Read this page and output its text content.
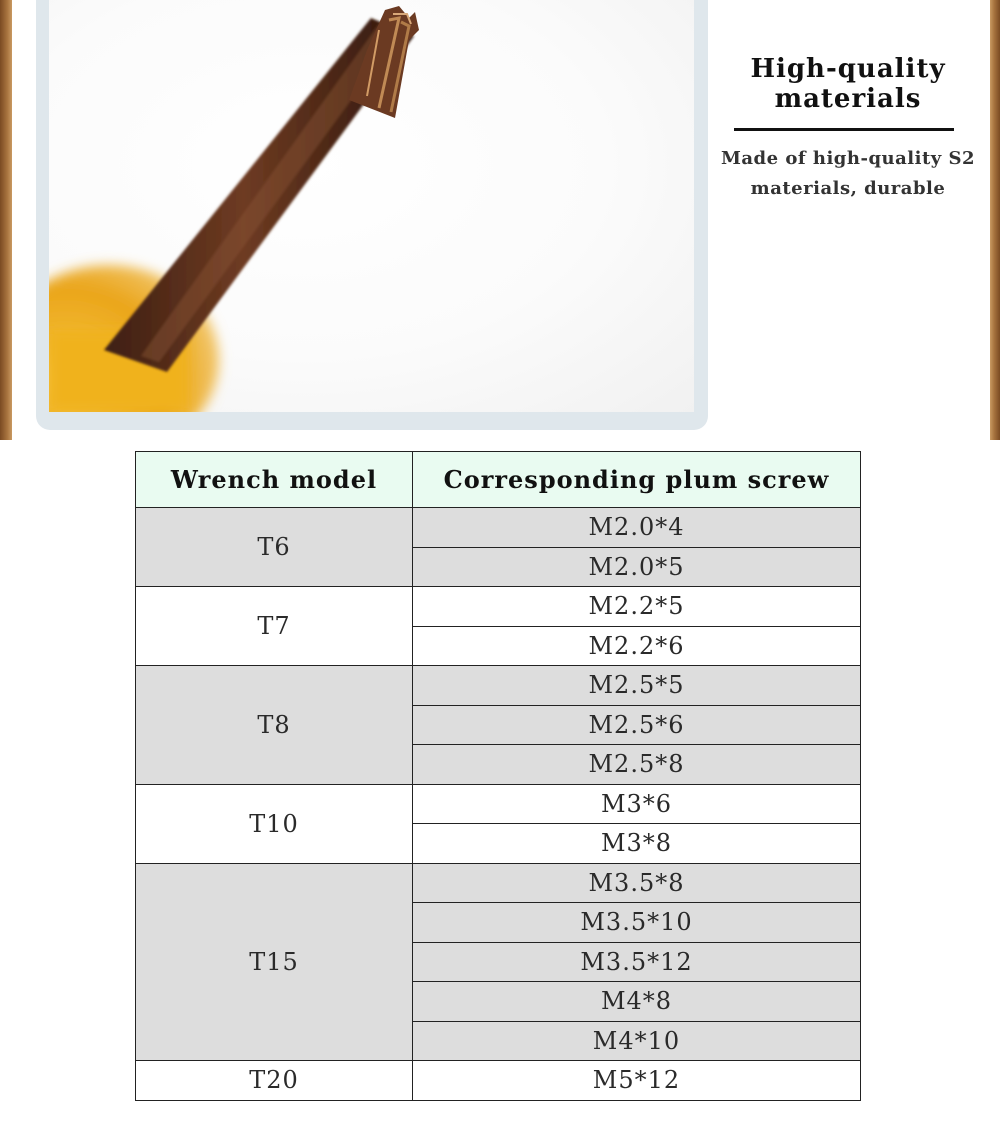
High-quality materials
Made of high-quality S2 materials, durable
Wrench model	Corresponding plum screw
T6	M2.0*4
	M2.0*5
T7	M2.2*5
	M2.2*6
T8	M2.5*5
	M2.5*6
	M2.5*8
T10	M3*6
	M3*8
T15	M3.5*8
	M3.5*10
	M3.5*12
	M4*8
	M4*10
T20	M5*12
